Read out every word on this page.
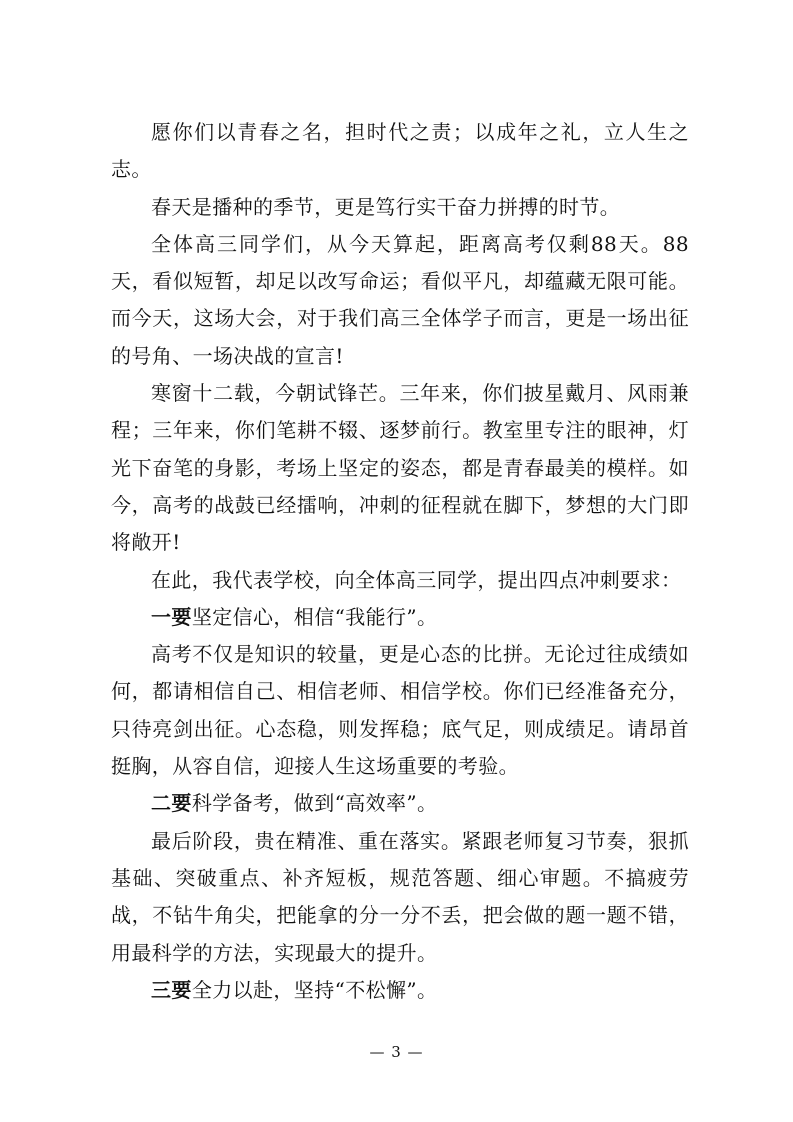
愿你们以青春之名，担时代之责；以成年之礼，立人生之志。

春天是播种的季节，更是笃行实干奋力拼搏的时节。

全体高三同学们，从今天算起，距离高考仅剩88天。88天，看似短暂，却足以改写命运；看似平凡，却蕴藏无限可能。而今天，这场大会，对于我们高三全体学子而言，更是一场出征的号角、一场决战的宣言!

寒窗十二载，今朝试锋芒。三年来，你们披星戴月、风雨兼程；三年来，你们笔耕不辍、逐梦前行。教室里专注的眼神，灯光下奋笔的身影，考场上坚定的姿态，都是青春最美的模样。如今，高考的战鼓已经擂响，冲刺的征程就在脚下，梦想的大门即将敞开!

在此，我代表学校，向全体高三同学，提出四点冲刺要求：

一要坚定信心，相信“我能行”。

高考不仅是知识的较量，更是心态的比拼。无论过往成绩如何，都请相信自己、相信老师、相信学校。你们已经准备充分，只待亮剑出征。心态稳，则发挥稳；底气足，则成绩足。请昂首挺胸，从容自信，迎接人生这场重要的考验。

二要科学备考，做到“高效率”。

最后阶段，贵在精准、重在落实。紧跟老师复习节奏，狠抓基础、突破重点、补齐短板，规范答题、细心审题。不搞疲劳战，不钻牛角尖，把能拿的分一分不丢，把会做的题一题不错，用最科学的方法，实现最大的提升。

三要全力以赴，坚持“不松懈”。

— 3 —
